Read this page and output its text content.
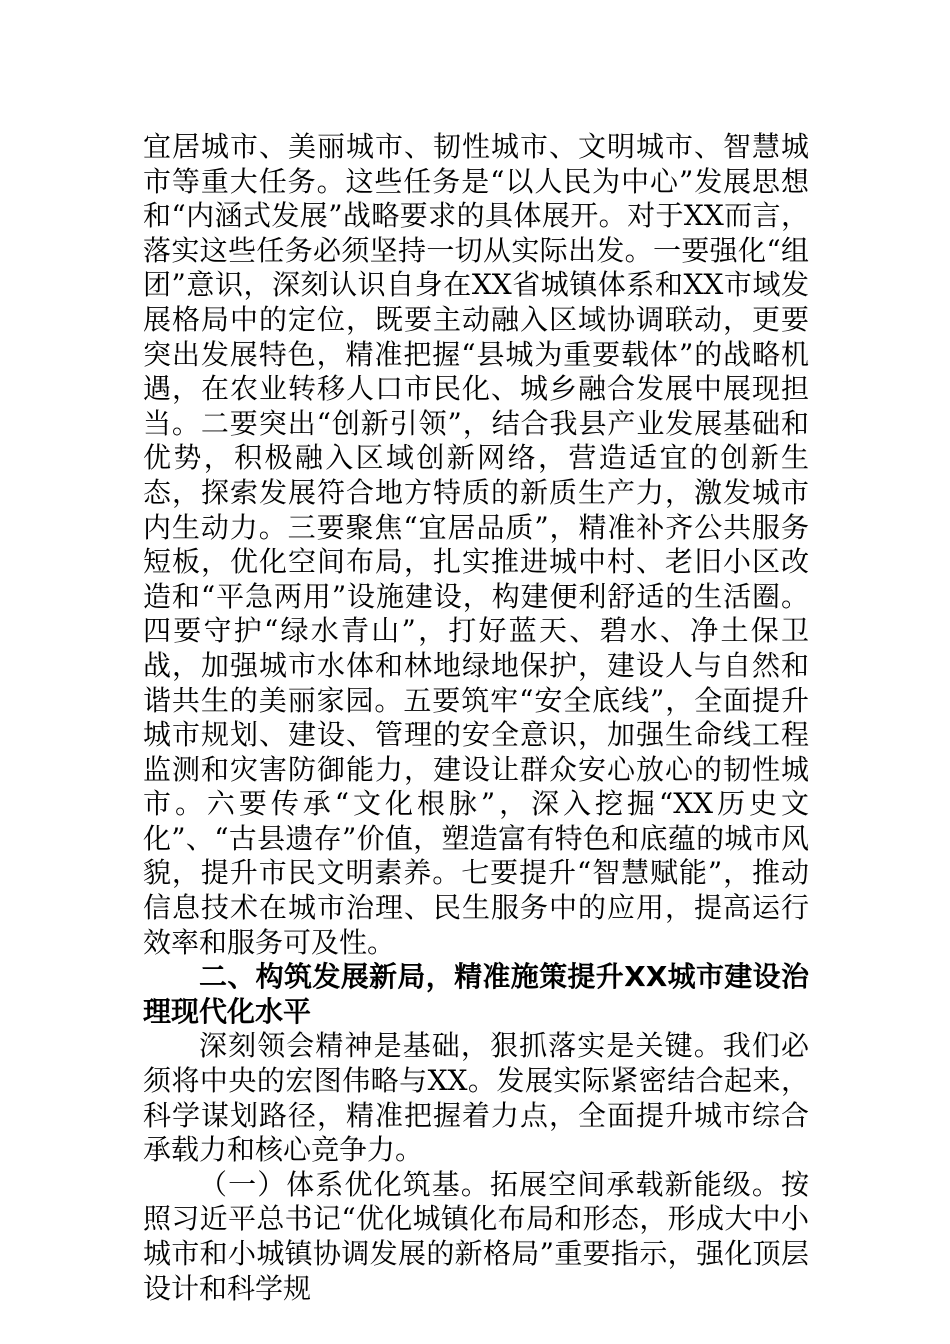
宜居城市、美丽城市、韧性城市、文明城市、智慧城市等重大任务。这些任务是“以人民为中心”发展思想和“内涵式发展”战略要求的具体展开。对于XX而言，落实这些任务必须坚持一切从实际出发。一要强化“组团”意识，深刻认识自身在XX省城镇体系和XX市域发展格局中的定位，既要主动融入区域协调联动，更要突出发展特色，精准把握“县城为重要载体”的战略机遇，在农业转移人口市民化、城乡融合发展中展现担当。二要突出“创新引领”，结合我县产业发展基础和优势，积极融入区域创新网络，营造适宜的创新生态，探索发展符合地方特质的新质生产力，激发城市内生动力。三要聚焦“宜居品质”，精准补齐公共服务短板，优化空间布局，扎实推进城中村、老旧小区改造和“平急两用”设施建设，构建便利舒适的生活圈。四要守护“绿水青山”，打好蓝天、碧水、净土保卫战，加强城市水体和林地绿地保护，建设人与自然和谐共生的美丽家园。五要筑牢“安全底线”，全面提升城市规划、建设、管理的安全意识，加强生命线工程监测和灾害防御能力，建设让群众安心放心的韧性城市。六要传承“文化根脉”，深入挖掘“XX历史文化”、“古县遗存”价值，塑造富有特色和底蕴的城市风貌，提升市民文明素养。七要提升“智慧赋能”，推动信息技术在城市治理、民生服务中的应用，提高运行效率和服务可及性。

二、构筑发展新局，精准施策提升XX城市建设治理现代化水平

深刻领会精神是基础，狠抓落实是关键。我们必须将中央的宏图伟略与XX。发展实际紧密结合起来，科学谋划路径，精准把握着力点，全面提升城市综合承载力和核心竞争力。

（一）体系优化筑基。拓展空间承载新能级。按照习近平总书记“优化城镇化布局和形态，形成大中小城市和小城镇协调发展的新格局”重要指示，强化顶层设计和科学规
